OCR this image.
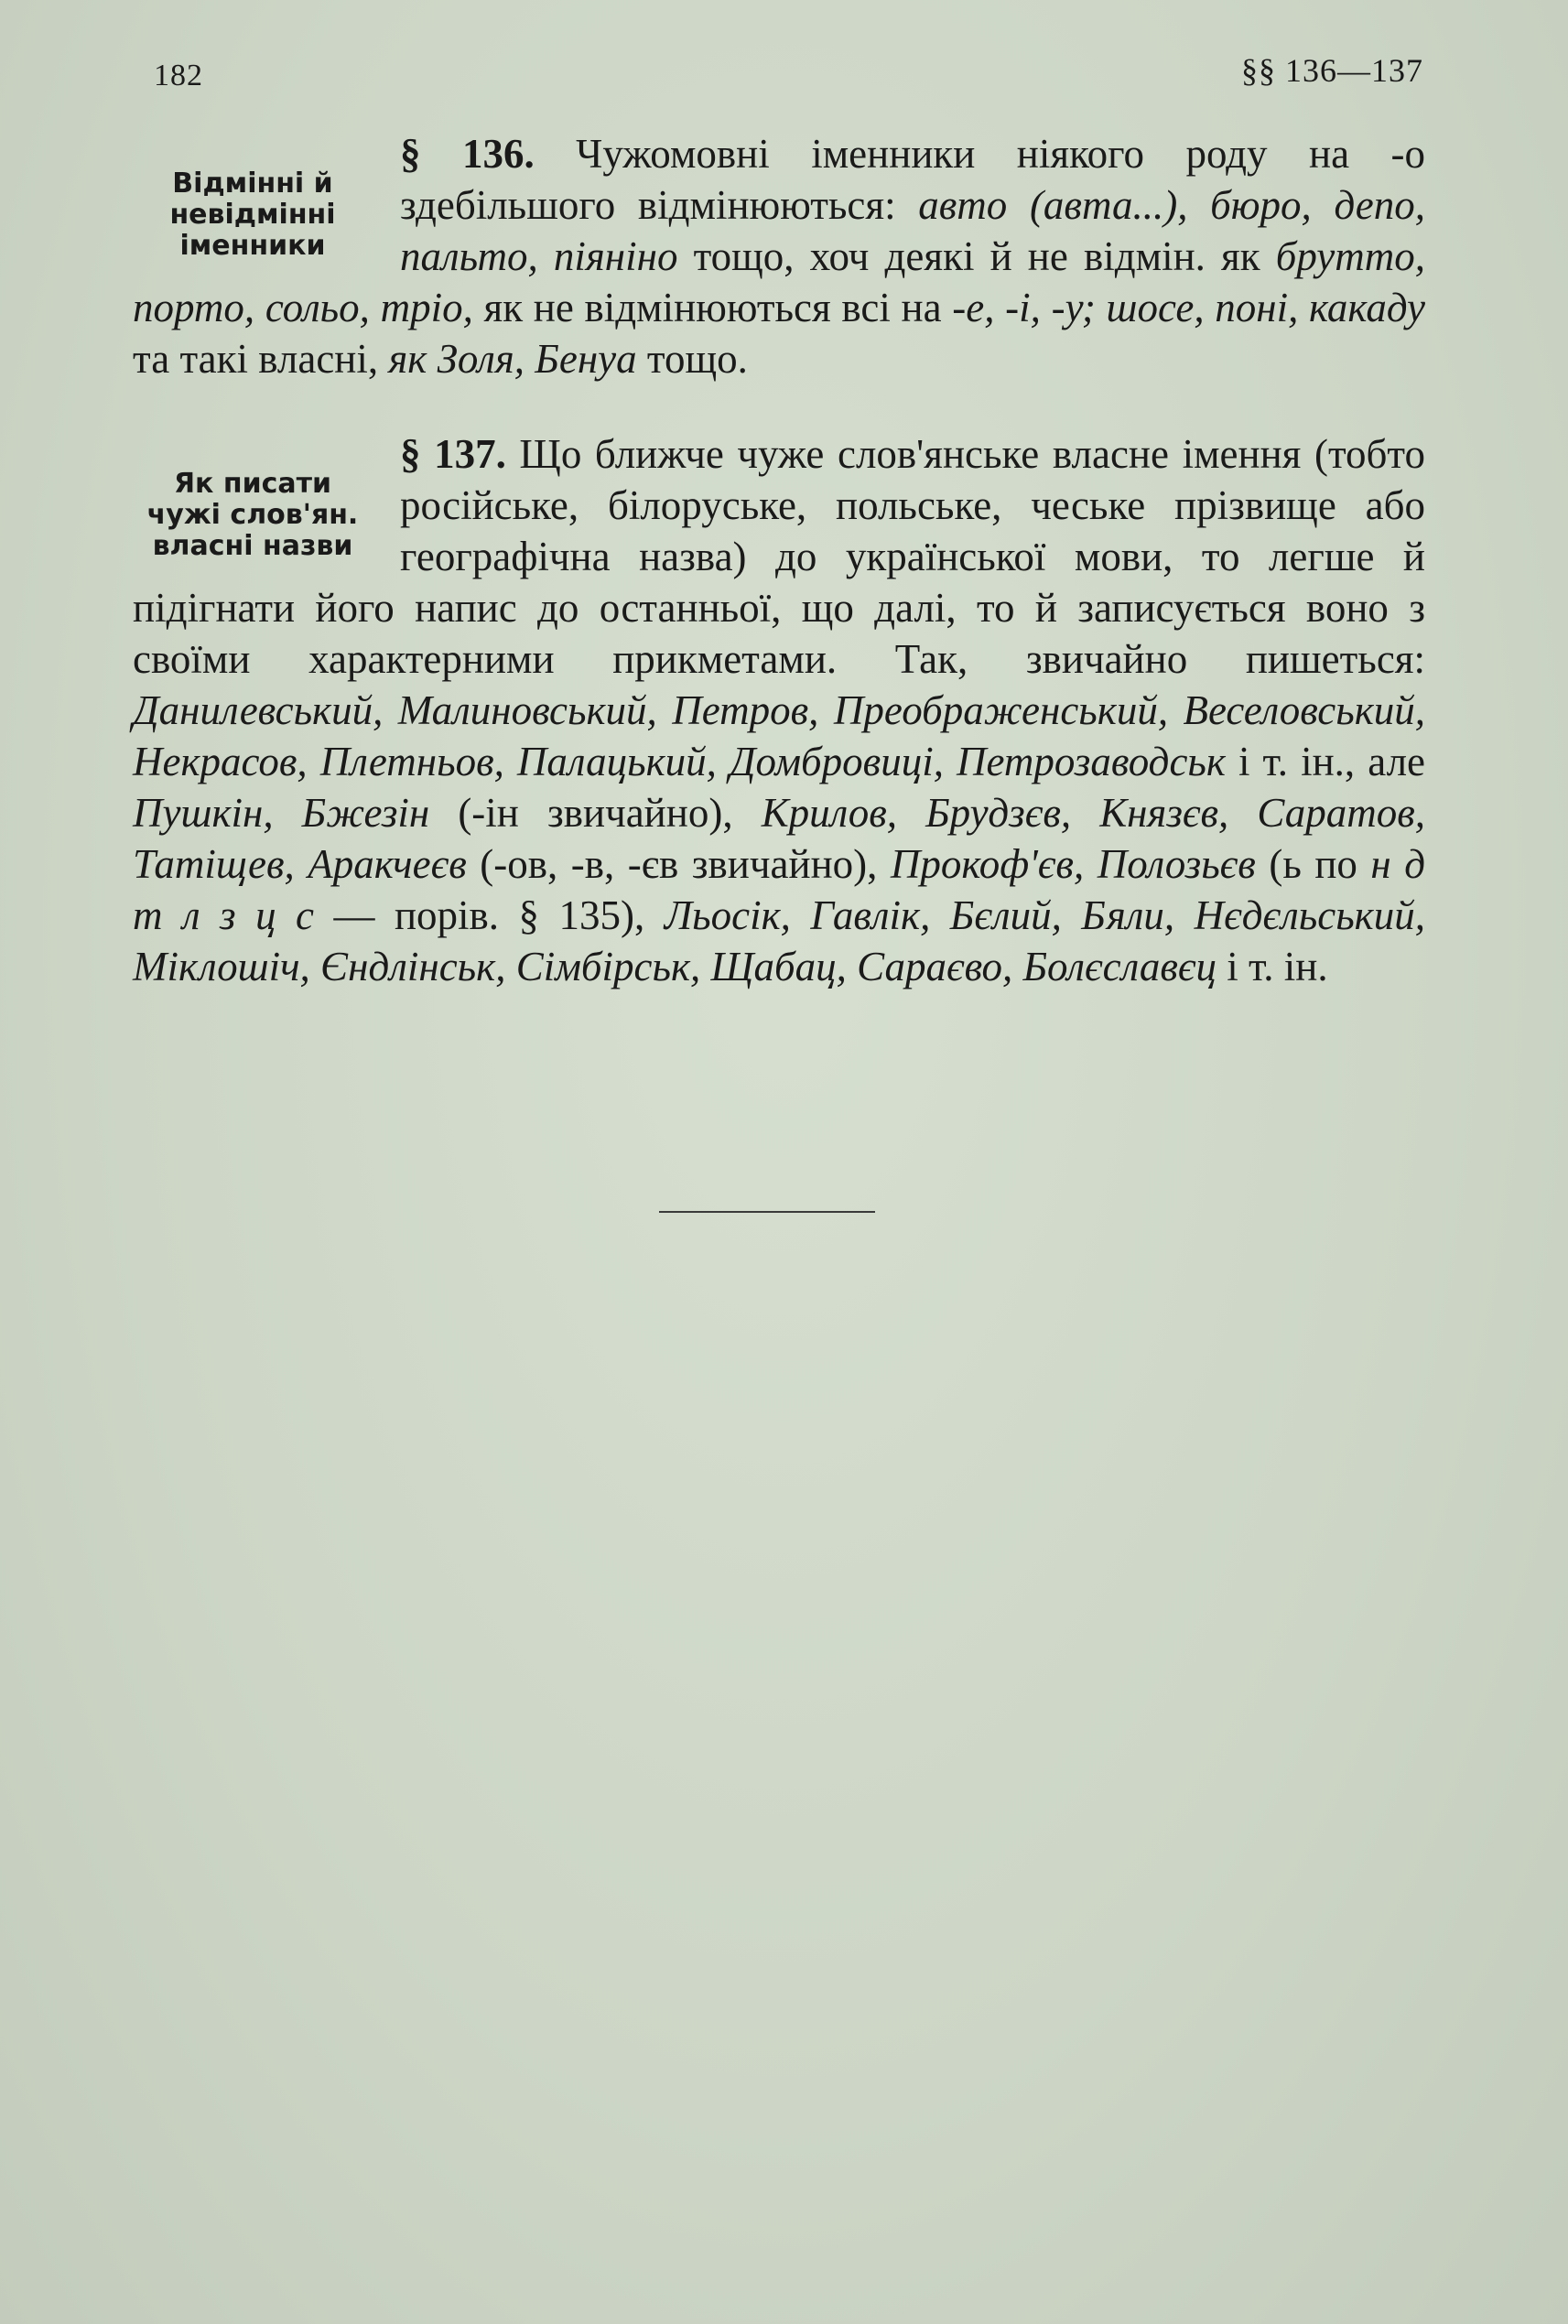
182	§§ 136—137
Відмінні й невідмінні іменники
§ 136. Чужомовні іменники ніякого роду на -о здебільшого відмінюються: авто (авта...), бюро, депо, пальто, піяніно тощо, хоч деякі й не відмін. як брутто, порто, сольо, тріо, як не відмінюються всі на -е, -і, -у; шосе, поні, какаду та такі власні, як Золя, Бенуа тощо.
Як писати чужі слов'ян. власні назви
§ 137. Що ближче чуже слов'янське власне імення (тобто російське, білоруське, польське, чеське прізвище або географічна назва) до української мови, то легше й підігнати його напис до останньої, що далі, то й записується воно з своїми характерними прикметами. Так, звичайно пишеться: Данилевський, Малиновський, Петров, Преображенський, Веселовський, Некрасов, Плетньов, Палацький, Домбровиці, Петрозаводськ і т. ін., але Пушкін, Бжезін (-ін звичайно), Крилов, Брудзєв, Князєв, Саратов, Татіщев, Аракчеєв (-ов, -в, -єв звичайно), Прокоф'єв, Полозьєв (ь по н д т л з ц с — порів. § 135), Льосік, Гавлік, Бєлий, Бяли, Нєдєльський, Міклошіч, Єндлінськ, Сімбірськ, Щабац, Сараєво, Болєславєц і т. ін.
